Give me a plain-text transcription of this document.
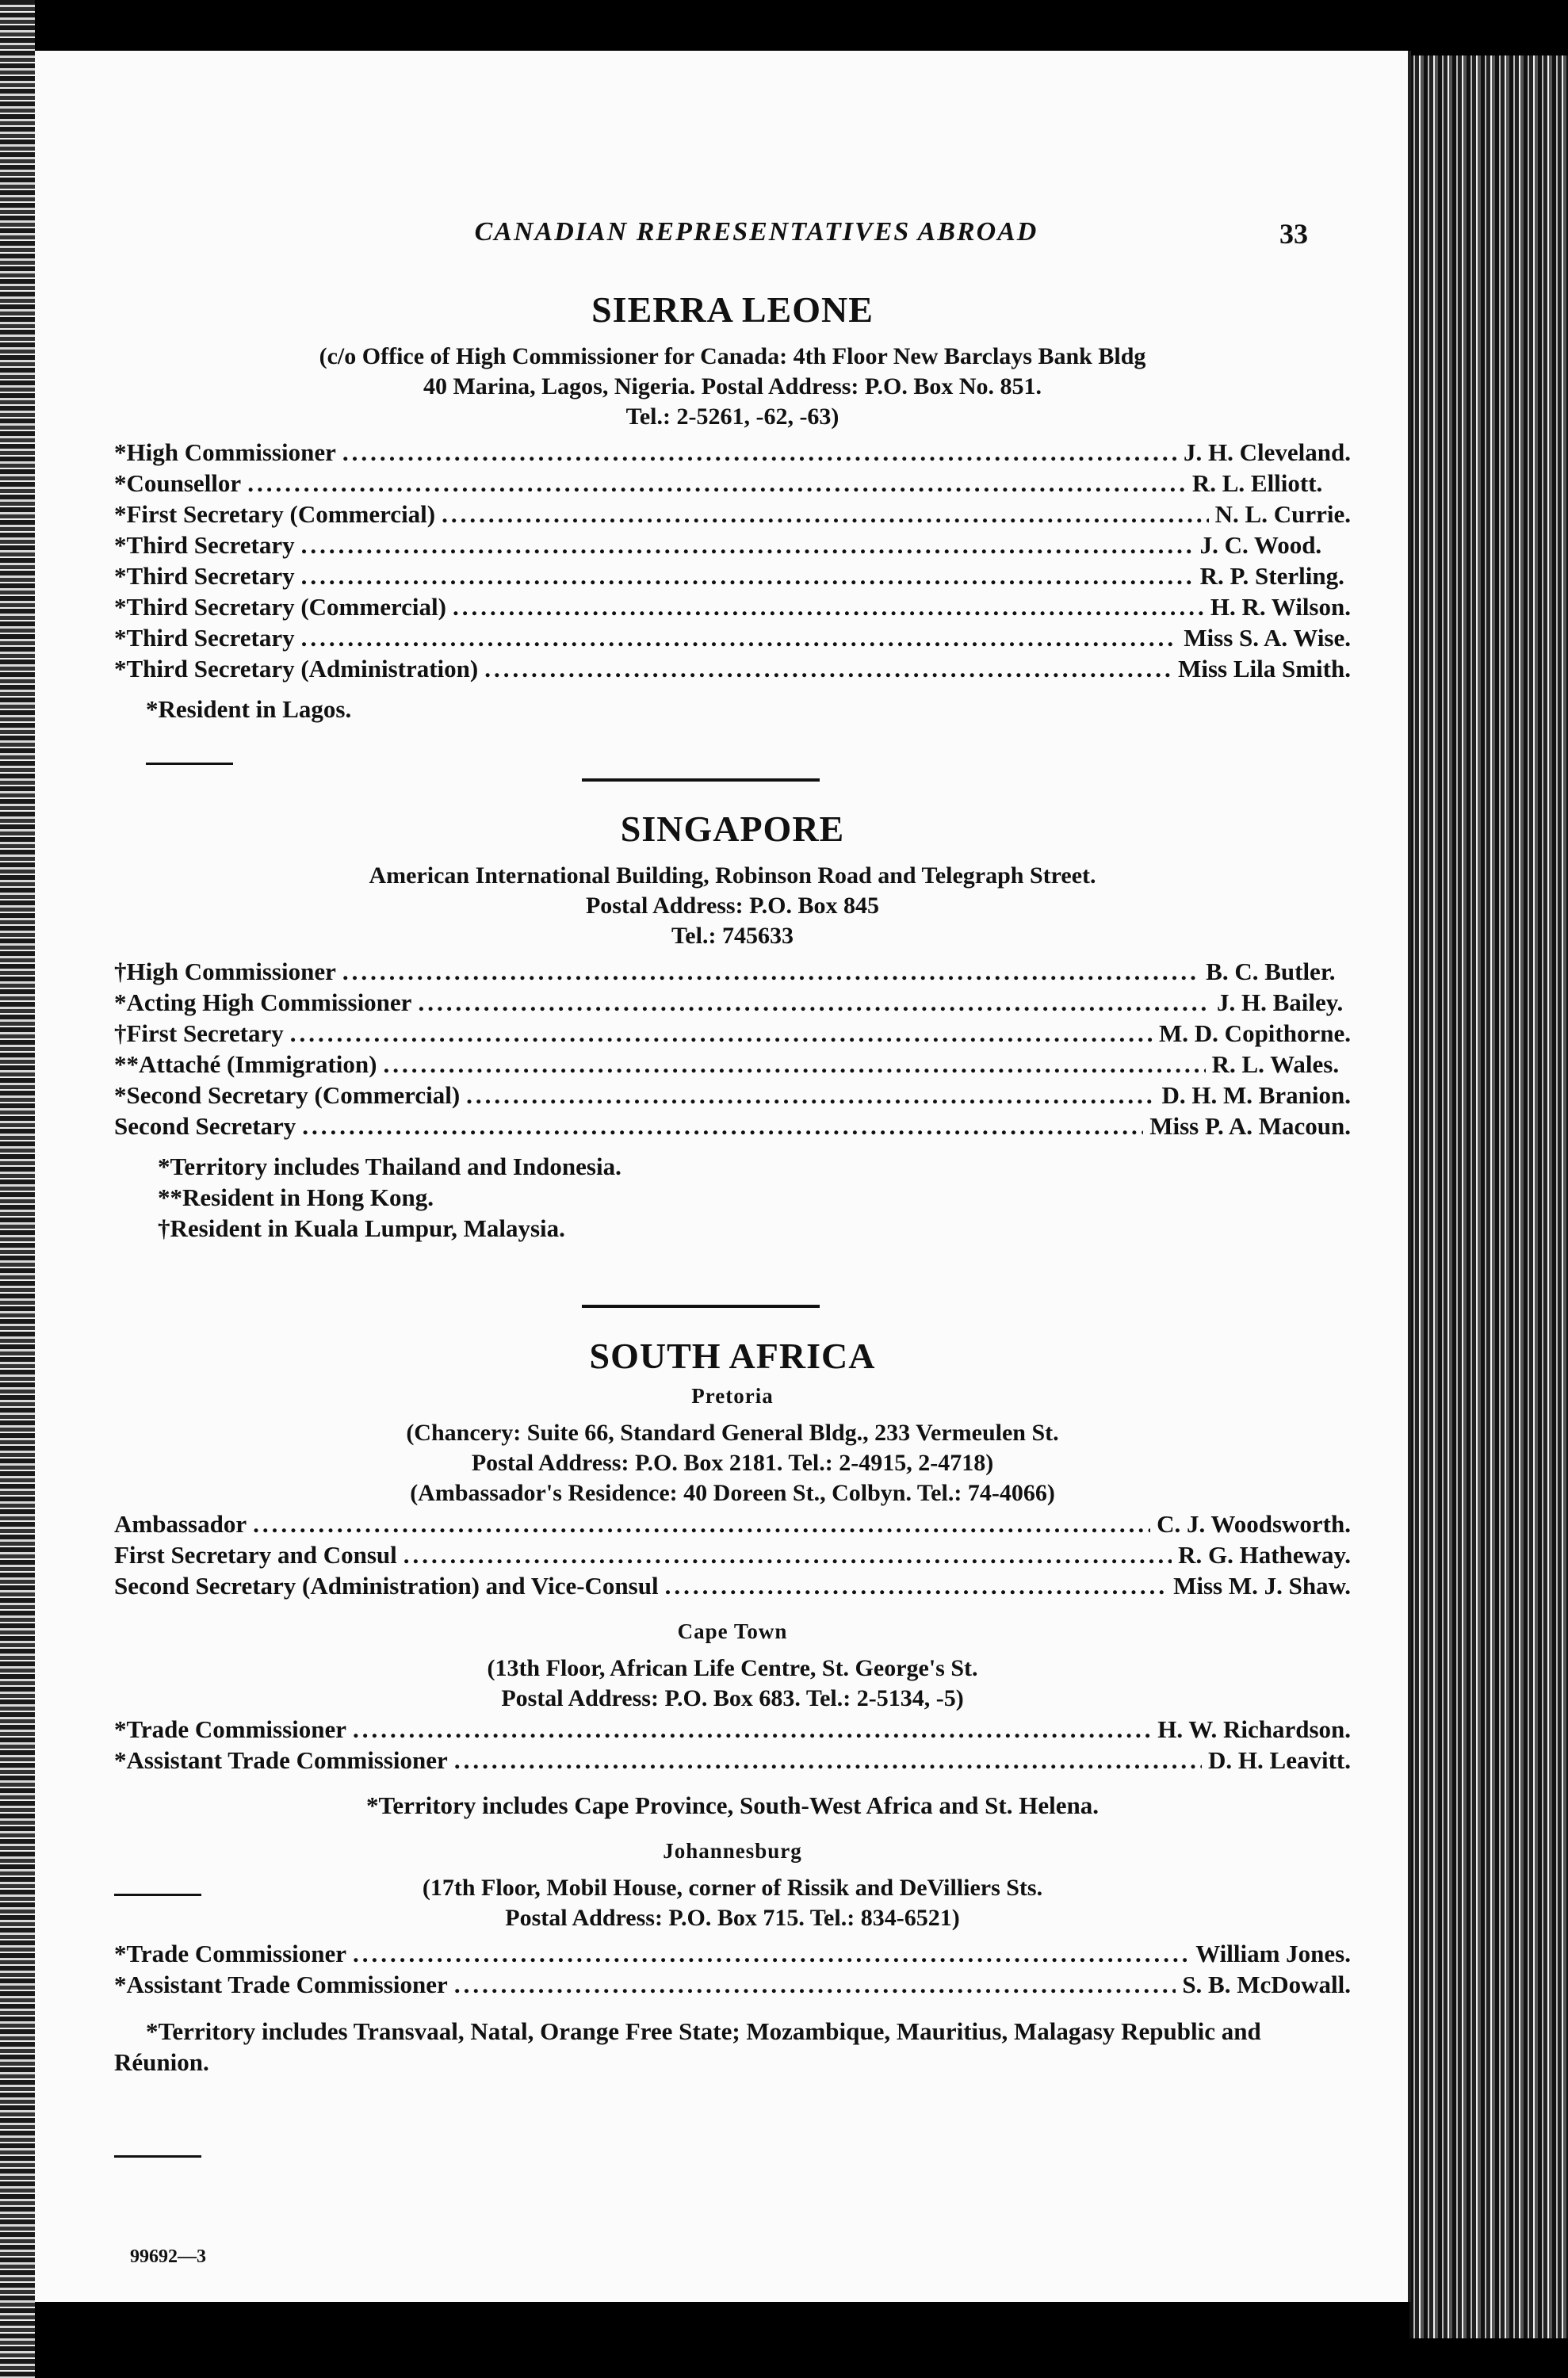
CANADIAN REPRESENTATIVES ABROAD	33
SIERRA LEONE

(c/o Office of High Commissioner for Canada: 4th Floor New Barclays Bank Bldg

40 Marina, Lagos, Nigeria. Postal Address: P.O. Box No. 851.

Tel.: 2-5261, -62, -63)

*High Commissioner .....	J. H. Cleveland.
*Counsellor .....	R. L. Elliott.
*First Secretary (Commercial) .....	N. L. Currie.
*Third Secretary .....	J. C. Wood.
*Third Secretary .....	R. P. Sterling.
*Third Secretary (Commercial) .....	H. R. Wilson.
*Third Secretary .....	Miss S. A. Wise.
*Third Secretary (Administration) .....	Miss Lila Smith.

*Resident in Lagos.

SINGAPORE

American International Building, Robinson Road and Telegraph Street.

Postal Address: P.O. Box 845

Tel.: 745633

†High Commissioner .....	B. C. Butler.
*Acting High Commissioner .....	J. H. Bailey.
†First Secretary .....	M. D. Copithorne.
**Attaché (Immigration) .....	R. L. Wales.
*Second Secretary (Commercial) .....	D. H. M. Branion.
Second Secretary .....	Miss P. A. Macoun.

*Territory includes Thailand and Indonesia.

**Resident in Hong Kong.

†Resident in Kuala Lumpur, Malaysia.

SOUTH AFRICA

Pretoria

(Chancery: Suite 66, Standard General Bldg., 233 Vermeulen St.

Postal Address: P.O. Box 2181. Tel.: 2-4915, 2-4718)

(Ambassador's Residence: 40 Doreen St., Colbyn. Tel.: 74-4066)

Ambassador .....	C. J. Woodsworth.
First Secretary and Consul .....	R. G. Hatheway.
Second Secretary (Administration) and Vice-Consul .....	Miss M. J. Shaw.

Cape Town

(13th Floor, African Life Centre, St. George's St.

Postal Address: P.O. Box 683. Tel.: 2-5134, -5)

*Trade Commissioner .....	H. W. Richardson.
*Assistant Trade Commissioner .....	D. H. Leavitt.

*Territory includes Cape Province, South-West Africa and St. Helena.

Johannesburg

(17th Floor, Mobil House, corner of Rissik and DeVilliers Sts.

Postal Address: P.O. Box 715. Tel.: 834-6521)

*Trade Commissioner .....	William Jones.
*Assistant Trade Commissioner .....	S. B. McDowall.

*Territory includes Transvaal, Natal, Orange Free State; Mozambique, Mauritius, Malagasy Republic and Réunion.

99692—3
